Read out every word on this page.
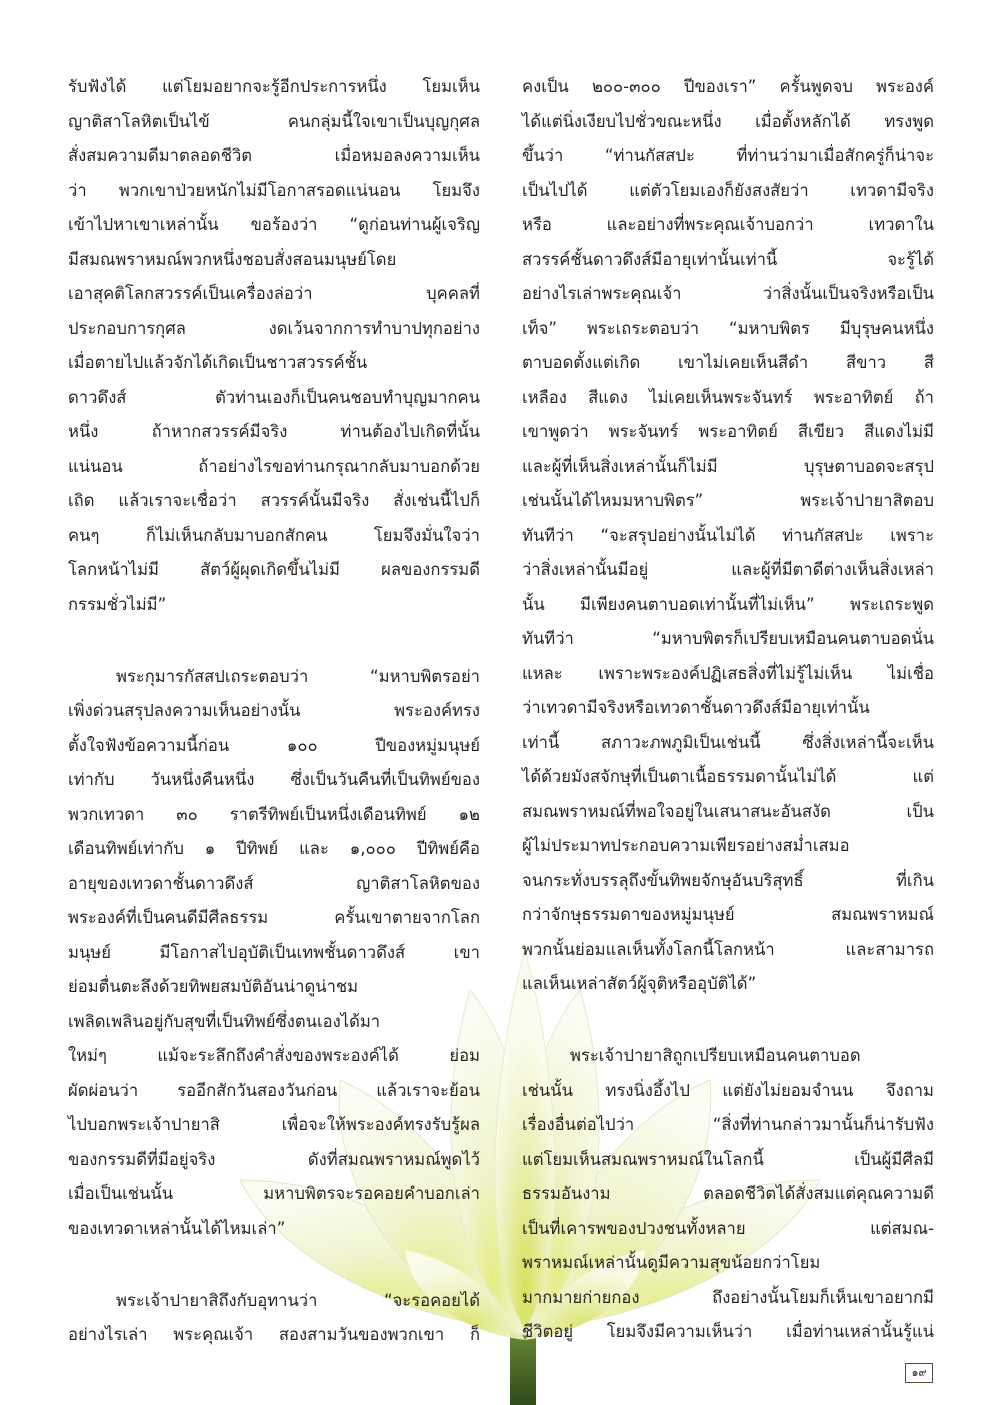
รับฟังได้ แต่โยมอยากจะรู้อีกประการหนึ่ง โยมเห็น
ญาติสาโลหิตเป็นไข้ คนกลุ่มนี้ใจเขาเป็นบุญกุศล
สั่งสมความดีมาตลอดชีวิต เมื่อหมอลงความเห็น
ว่า พวกเขาป่วยหนักไม่มีโอกาสรอดแน่นอน โยมจึง
เข้าไปหาเขาเหล่านั้น ขอร้องว่า “ดูก่อนท่านผู้เจริญ
มีสมณพราหมณ์พวกหนึ่งชอบสั่งสอนมนุษย์โดย
เอาสุคติโลกสวรรค์เป็นเครื่องล่อว่า บุคคลที่
ประกอบการกุศล งดเว้นจากการทำบาปทุกอย่าง
เมื่อตายไปแล้วจักได้เกิดเป็นชาวสวรรค์ชั้น
ดาวดึงส์ ตัวท่านเองก็เป็นคนชอบทำบุญมากคน
หนึ่ง ถ้าหากสวรรค์มีจริง ท่านต้องไปเกิดที่นั้น
แน่นอน ถ้าอย่างไรขอท่านกรุณากลับมาบอกด้วย
เถิด แล้วเราจะเชื่อว่า สวรรค์นั้นมีจริง สั่งเช่นนี้ไปก็
คนๆ ก็ไม่เห็นกลับมาบอกสักคน โยมจึงมั่นใจว่า
โลกหน้าไม่มี สัตว์ผู้ผุดเกิดขึ้นไม่มี ผลของกรรมดี
กรรมชั่วไม่มี”
พระกุมารกัสสปเถระตอบว่า “มหาบพิตรอย่า
เพิ่งด่วนสรุปลงความเห็นอย่างนั้น พระองค์ทรง
ตั้งใจฟังข้อความนี้ก่อน ๑๐๐ ปีของหมู่มนุษย์
เท่ากับ วันหนึ่งคืนหนึ่ง ซึ่งเป็นวันคืนที่เป็นทิพย์ของ
พวกเทวดา ๓๐ ราตรีทิพย์เป็นหนึ่งเดือนทิพย์ ๑๒
เดือนทิพย์เท่ากับ ๑ ปีทิพย์ และ ๑,๐๐๐ ปีทิพย์คือ
อายุของเทวดาชั้นดาวดึงส์ ญาติสาโลหิตของ
พระองค์ที่เป็นคนดีมีศีลธรรม ครั้นเขาตายจากโลก
มนุษย์ มีโอกาสไปอุบัติเป็นเทพชั้นดาวดึงส์ เขา
ย่อมตื่นตะลึงด้วยทิพยสมบัติอันน่าดูน่าชม
เพลิดเพลินอยู่กับสุขที่เป็นทิพย์ซึ่งตนเองได้มา
ใหม่ๆ แม้จะระลึกถึงคำสั่งของพระองค์ได้ ย่อม
ผัดผ่อนว่า รออีกสักวันสองวันก่อน แล้วเราจะย้อน
ไปบอกพระเจ้าปายาสิ เพื่อจะให้พระองค์ทรงรับรู้ผล
ของกรรมดีที่มีอยู่จริง ดังที่สมณพราหมณ์พูดไว้
เมื่อเป็นเช่นนั้น มหาบพิตรจะรอคอยคำบอกเล่า
ของเทวดาเหล่านั้นได้ไหมเล่า”
พระเจ้าปายาสิถึงกับอุทานว่า “จะรอคอยได้
อย่างไรเล่า พระคุณเจ้า สองสามวันของพวกเขา ก็
คงเป็น ๒๐๐-๓๐๐ ปีของเรา” ครั้นพูดจบ พระองค์
ได้แต่นิ่งเงียบไปชั่วขณะหนึ่ง เมื่อตั้งหลักได้ ทรงพูด
ขึ้นว่า “ท่านกัสสปะ ที่ท่านว่ามาเมื่อสักครู่ก็น่าจะ
เป็นไปได้ แต่ตัวโยมเองก็ยังสงสัยว่า เทวดามีจริง
หรือ และอย่างที่พระคุณเจ้าบอกว่า เทวดาใน
สวรรค์ชั้นดาวดึงส์มีอายุเท่านั้นเท่านี้ จะรู้ได้
อย่างไรเล่าพระคุณเจ้า ว่าสิ่งนั้นเป็นจริงหรือเป็น
เท็จ” พระเถระตอบว่า “มหาบพิตร มีบุรุษคนหนึ่ง
ตาบอดตั้งแต่เกิด เขาไม่เคยเห็นสีดำ สีขาว สี
เหลือง สีแดง ไม่เคยเห็นพระจันทร์ พระอาทิตย์ ถ้า
เขาพูดว่า พระจันทร์ พระอาทิตย์ สีเขียว สีแดงไม่มี
และผู้ที่เห็นสิ่งเหล่านั้นก็ไม่มี บุรุษตาบอดจะสรุป
เช่นนั้นได้ไหมมหาบพิตร” พระเจ้าปายาสิตอบ
ทันทีว่า “จะสรุปอย่างนั้นไม่ได้ ท่านกัสสปะ เพราะ
ว่าสิ่งเหล่านั้นมีอยู่ และผู้ที่มีตาดีต่างเห็นสิ่งเหล่า
นั้น มีเพียงคนตาบอดเท่านั้นที่ไม่เห็น” พระเถระพูด
ทันทีว่า “มหาบพิตรก็เปรียบเหมือนคนตาบอดนั่น
แหละ เพราะพระองค์ปฏิเสธสิ่งที่ไม่รู้ไม่เห็น ไม่เชื่อ
ว่าเทวดามีจริงหรือเทวดาชั้นดาวดึงส์มีอายุเท่านั้น
เท่านี้ สภาวะภพภูมิเป็นเช่นนี้ ซึ่งสิ่งเหล่านี้จะเห็น
ได้ด้วยมังสจักษุที่เป็นตาเนื้อธรรมดานั้นไม่ได้ แต่
สมณพราหมณ์ที่พอใจอยู่ในเสนาสนะอันสงัด เป็น
ผู้ไม่ประมาทประกอบความเพียรอย่างสม่ำเสมอ
จนกระทั่งบรรลุถึงขั้นทิพยจักษุอันบริสุทธิ์ ที่เกิน
กว่าจักษุธรรมดาของหมู่มนุษย์ สมณพราหมณ์
พวกนั้นย่อมแลเห็นทั้งโลกนี้โลกหน้า และสามารถ
แลเห็นเหล่าสัตว์ผู้จุติหรืออุบัติได้”
พระเจ้าปายาสิถูกเปรียบเหมือนคนตาบอด
เช่นนั้น ทรงนิ่งอึ้งไป แต่ยังไม่ยอมจำนน จึงถาม
เรื่องอื่นต่อไปว่า “สิ่งที่ท่านกล่าวมานั้นก็น่ารับฟัง
แต่โยมเห็นสมณพราหมณ์ในโลกนี้ เป็นผู้มีศีลมี
ธรรมอันงาม ตลอดชีวิตได้สั่งสมแต่คุณความดี
เป็นที่เคารพของปวงชนทั้งหลาย แต่สมณ-
พราหมณ์เหล่านั้นดูมีความสุขน้อยกว่าโยม
มากมายก่ายกอง ถึงอย่างนั้นโยมก็เห็นเขาอยากมี
ชีวิตอยู่ โยมจึงมีความเห็นว่า เมื่อท่านเหล่านั้นรู้แน่
๑๙
